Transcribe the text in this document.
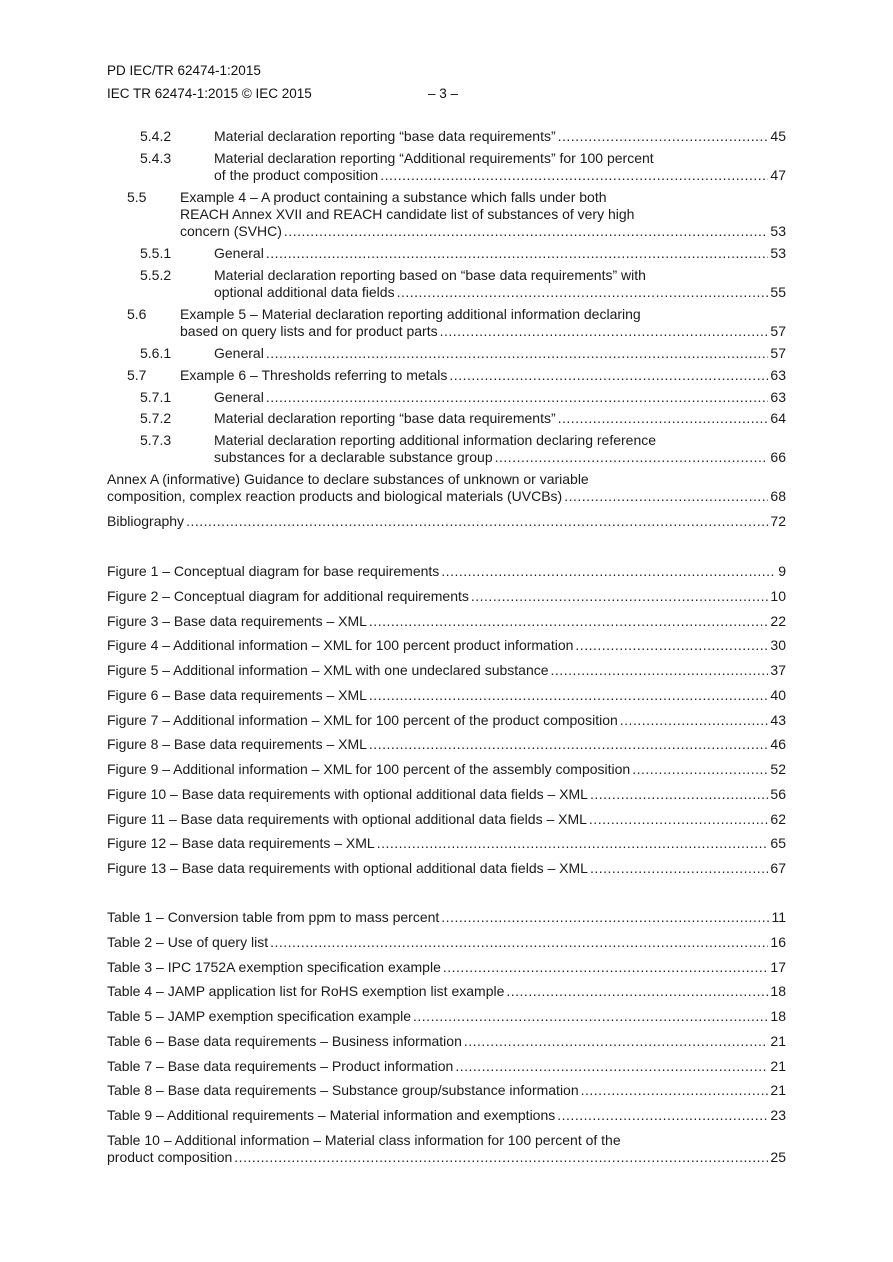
PD IEC/TR 62474-1:2015
IEC TR 62474-1:2015 © IEC 2015	– 3 –
5.4.2	Material declaration reporting “base data requirements” .....	45
5.4.3	Material declaration reporting “Additional requirements” for 100 percent
of the product composition .....	47
5.5 Example 4 – A product containing a substance which falls under both
REACH Annex XVII and REACH candidate list of substances of very high
concern (SVHC) .....	53
5.5.1	General .....	53
5.5.2	Material declaration reporting based on “base data requirements” with
optional additional data fields .....	55
5.6 Example 5 – Material declaration reporting additional information declaring
based on query lists and for product parts .....	57
5.6.1	General .....	57
5.7 Example 6 – Thresholds referring to metals .....	63
5.7.1	General .....	63
5.7.2	Material declaration reporting “base data requirements” .....	64
5.7.3	Material declaration reporting additional information declaring reference
substances for a declarable substance group .....	66
Annex A (informative) Guidance to declare substances of unknown or variable
composition, complex reaction products and biological materials (UVCBs) .....	68
Bibliography .....	72
Figure 1 – Conceptual diagram for base requirements .....	9
Figure 2 – Conceptual diagram for additional requirements .....	10
Figure 3 – Base data requirements – XML .....	22
Figure 4 – Additional information – XML for 100 percent product information .....	30
Figure 5 – Additional information – XML with one undeclared substance .....	37
Figure 6 – Base data requirements – XML .....	40
Figure 7 – Additional information – XML for 100 percent of the product composition .....	43
Figure 8 – Base data requirements – XML .....	46
Figure 9 – Additional information – XML for 100 percent of the assembly composition .....	52
Figure 10 – Base data requirements with optional additional data fields – XML .....	56
Figure 11 – Base data requirements with optional additional data fields – XML .....	62
Figure 12 – Base data requirements – XML .....	65
Figure 13 – Base data requirements with optional additional data fields – XML .....	67
Table 1 – Conversion table from ppm to mass percent .....	11
Table 2 – Use of query list .....	16
Table 3 – IPC 1752A exemption specification example .....	17
Table 4 – JAMP application list for RoHS exemption list example .....	18
Table 5 – JAMP exemption specification example .....	18
Table 6 – Base data requirements – Business information .....	21
Table 7 – Base data requirements – Product information .....	21
Table 8 – Base data requirements – Substance group/substance information .....	21
Table 9 – Additional requirements – Material information and exemptions .....	23
Table 10 – Additional information – Material class information for 100 percent of the
product composition .....	25
